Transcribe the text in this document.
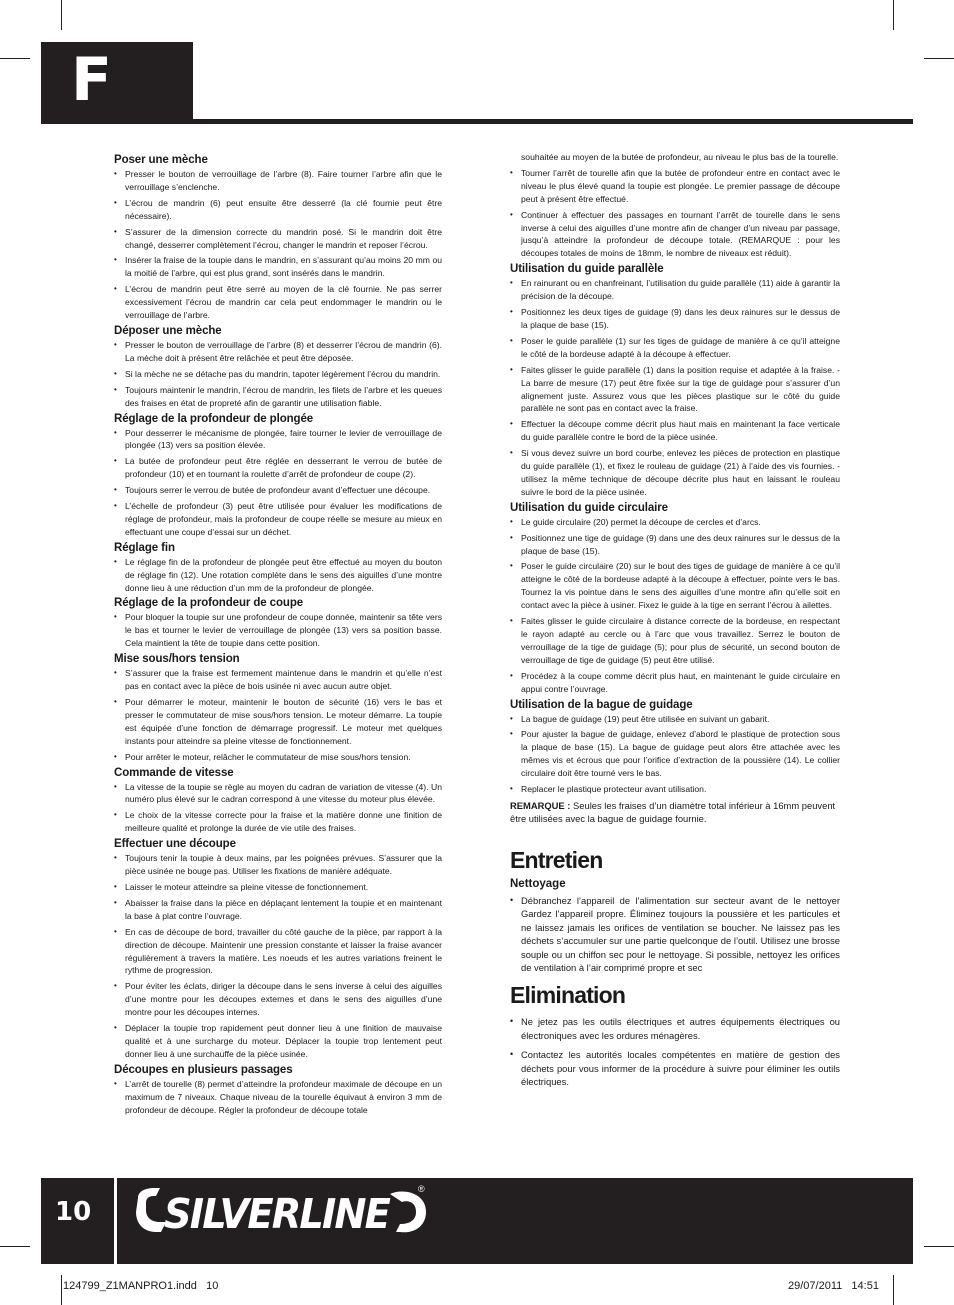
F
Poser une mèche
• Presser le bouton de verrouillage de l’arbre (8). Faire tourner l’arbre afin que le verrouillage s’enclenche.
• L’écrou de mandrin (6) peut ensuite être desserré (la clé fournie peut être nécessaire).
• S’assurer de la dimension correcte du mandrin posé. Si le mandrin doit être changé, desserrer complètement l’écrou, changer le mandrin et reposer l’écrou.
• Insérer la fraise de la toupie dans le mandrin, en s’assurant qu’au moins 20 mm ou la moitié de l’arbre, qui est plus grand, sont insérés dans le mandrin.
• L’écrou de mandrin peut être serré au moyen de la clé fournie. Ne pas serrer excessivement l’écrou de mandrin car cela peut endommager le mandrin ou le verrouillage de l’arbre.
Déposer une mèche
• Presser le bouton de verrouillage de l’arbre (8) et desserrer l’écrou de mandrin (6). La mèche doit à présent être relâchée et peut être déposée.
• Si la mèche ne se détache pas du mandrin, tapoter légèrement l’écrou du mandrin.
• Toujours maintenir le mandrin, l’écrou de mandrin, les filets de l’arbre et les queues des fraises en état de propreté afin de garantir une utilisation fiable.
Réglage de la profondeur de plongée
• Pour desserrer le mécanisme de plongée, faire tourner le levier de verrouillage de plongée (13) vers sa position élevée.
• La butée de profondeur peut être réglée en desserrant le verrou de butée de profondeur (10) et en tournant la roulette d’arrêt de profondeur de coupe (2).
• Toujours serrer le verrou de butée de profondeur avant d’effectuer une découpe.
• L’échelle de profondeur (3) peut être utilisée pour évaluer les modifications de réglage de profondeur, mais la profondeur de coupe réelle se mesure au mieux en effectuant une coupe d’essai sur un déchet.
Réglage fin
• Le réglage fin de la profondeur de plongée peut être effectué au moyen du bouton de réglage fin (12). Une rotation complète dans le sens des aiguilles d’une montre donne lieu à une réduction d’un mm de la profondeur de plongée.
Réglage de la profondeur de coupe
• Pour bloquer la toupie sur une profondeur de coupe donnée, maintenir sa tête vers le bas et tourner le levier de verrouillage de plongée (13) vers sa position basse. Cela maintient la tête de toupie dans cette position.
Mise sous/hors tension
• S’assurer que la fraise est fermement maintenue dans le mandrin et qu’elle n’est pas en contact avec la pièce de bois usinée ni avec aucun autre objet.
• Pour démarrer le moteur, maintenir le bouton de sécurité (16) vers le bas et presser le commutateur de mise sous/hors tension. Le moteur démarre. La toupie est équipée d’une fonction de démarrage progressif. Le moteur met quelques instants pour atteindre sa pleine vitesse de fonctionnement.
• Pour arrêter le moteur, relâcher le commutateur de mise sous/hors tension.
Commande de vitesse
• La vitesse de la toupie se règle au moyen du cadran de variation de vitesse (4). Un numéro plus élevé sur le cadran correspond à une vitesse du moteur plus élevée.
• Le choix de la vitesse correcte pour la fraise et la matière donne une finition de meilleure qualité et prolonge la durée de vie utile des fraises.
Effectuer une découpe
• Toujours tenir la toupie à deux mains, par les poignées prévues. S’assurer que la pièce usinée ne bouge pas. Utiliser les fixations de manière adéquate.
• Laisser le moteur atteindre sa pleine vitesse de fonctionnement.
• Abaisser la fraise dans la pièce en déplaçant lentement la toupie et en maintenant la base à plat contre l’ouvrage.
• En cas de découpe de bord, travailler du côté gauche de la pièce, par rapport à la direction de découpe. Maintenir une pression constante et laisser la fraise avancer régulièrement à travers la matière. Les noeuds et les autres variations freinent le rythme de progression.
• Pour éviter les éclats, diriger la découpe dans le sens inverse à celui des aiguilles d’une montre pour les découpes externes et dans le sens des aiguilles d’une montre pour les découpes internes.
• Déplacer la toupie trop rapidement peut donner lieu à une finition de mauvaise qualité et à une surcharge du moteur. Déplacer la toupie trop lentement peut donner lieu à une surchauffe de la pièce usinée.
Découpes en plusieurs passages
• L’arrêt de tourelle (8) permet d’atteindre la profondeur maximale de découpe en un maximum de 7 niveaux. Chaque niveau de la tourelle équivaut à environ 3 mm de profondeur de découpe. Régler la profondeur de découpe totale
souhaitée au moyen de la butée de profondeur, au niveau le plus bas de la tourelle.
• Tourner l’arrêt de tourelle afin que la butée de profondeur entre en contact avec le niveau le plus élevé quand la toupie est plongée. Le premier passage de découpe peut à présent être effectué.
• Continuer à effectuer des passages en tournant l’arrêt de tourelle dans le sens inverse à celui des aiguilles d’une montre afin de changer d’un niveau par passage, jusqu’à atteindre la profondeur de découpe totale. (REMARQUE : pour les découpes totales de moins de 18mm, le nombre de niveaux est réduit).
Utilisation du guide parallèle
• En rainurant ou en chanfreinant, l’utilisation du guide parallèle (11) aide à garantir la précision de la découpe.
• Positionnez les deux tiges de guidage (9) dans les deux rainures sur le dessus de la plaque de base (15).
• Poser le guide parallèle (1) sur les tiges de guidage de manière à ce qu’il atteigne le côté de la bordeuse adapté à la découpe à effectuer.
• Faites glisser le guide parallèle (1) dans la position requise et adaptée à la fraise. - La barre de mesure (17) peut être fixée sur la tige de guidage pour s’assurer d’un alignement juste. Assurez vous que les pièces plastique sur le côté du guide parallèle ne sont pas en contact avec la fraise.
• Effectuer la découpe comme décrit plus haut mais en maintenant la face verticale du guide parallèle contre le bord de la pièce usinée.
• Si vous devez suivre un bord courbe, enlevez les pièces de protection en plastique du guide parallèle (1), et fixez le rouleau de guidage (21) à l’aide des vis fournies. - utilisez la même technique de découpe décrite plus haut en laissant le rouleau suivre le bord de la pièce usinée.
Utilisation du guide circulaire
• Le guide circulaire (20) permet la découpe de cercles et d’arcs.
• Positionnez une tige de guidage (9) dans une des deux rainures sur le dessus de la plaque de base (15).
• Poser le guide circulaire (20) sur le bout des tiges de guidage de manière à ce qu’il atteigne le côté de la bordeuse adapté à la découpe à effectuer, pointe vers le bas. Tournez la vis pointue dans le sens des aiguilles d’une montre afin qu’elle soit en contact avec la pièce à usiner. Fixez le guide à la tige en serrant l’écrou à ailettes.
• Faites glisser le guide circulaire à distance correcte de la bordeuse, en respectant le rayon adapté au cercle ou à l’arc que vous travaillez. Serrez le bouton de verrouillage de la tige de guidage (5); pour plus de sécurité, un second bouton de verrouillage de tige de guidage (5) peut être utilisé.
• Procédez à la coupe comme décrit plus haut, en maintenant le guide circulaire en appui contre l’ouvrage.
Utilisation de la bague de guidage
• La bague de guidage (19) peut être utilisée en suivant un gabarit.
• Pour ajuster la bague de guidage, enlevez d’abord le plastique de protection sous la plaque de base (15). La bague de guidage peut alors être attachée avec les mêmes vis et écrous que pour l’orifice d’extraction de la poussière (14). Le collier circulaire doit être tourné vers le bas.
• Replacer le plastique protecteur avant utilisation.
REMARQUE : Seules les fraises d’un diamètre total inférieur à 16mm peuvent être utilisées avec la bague de guidage fournie.
Entretien
Nettoyage
• Débranchez l’appareil de l’alimentation sur secteur avant de le nettoyer Gardez l’appareil propre. Éliminez toujours la poussière et les particules et ne laissez jamais les orifices de ventilation se boucher. Ne laissez pas les déchets s’accumuler sur une partie quelconque de l’outil. Utilisez une brosse souple ou un chiffon sec pour le nettoyage. Si possible, nettoyez les orifices de ventilation à l’air comprimé propre et sec
Elimination
• Ne jetez pas les outils électriques et autres équipements électriques ou électroniques avec les ordures ménagères.
• Contactez les autorités locales compétentes en matière de gestion des déchets pour vous informer de la procédure à suivre pour éliminer les outils électriques.
10	SILVERLINE
®
124799_Z1MANPRO1.indd   10	29/07/2011   14:51
